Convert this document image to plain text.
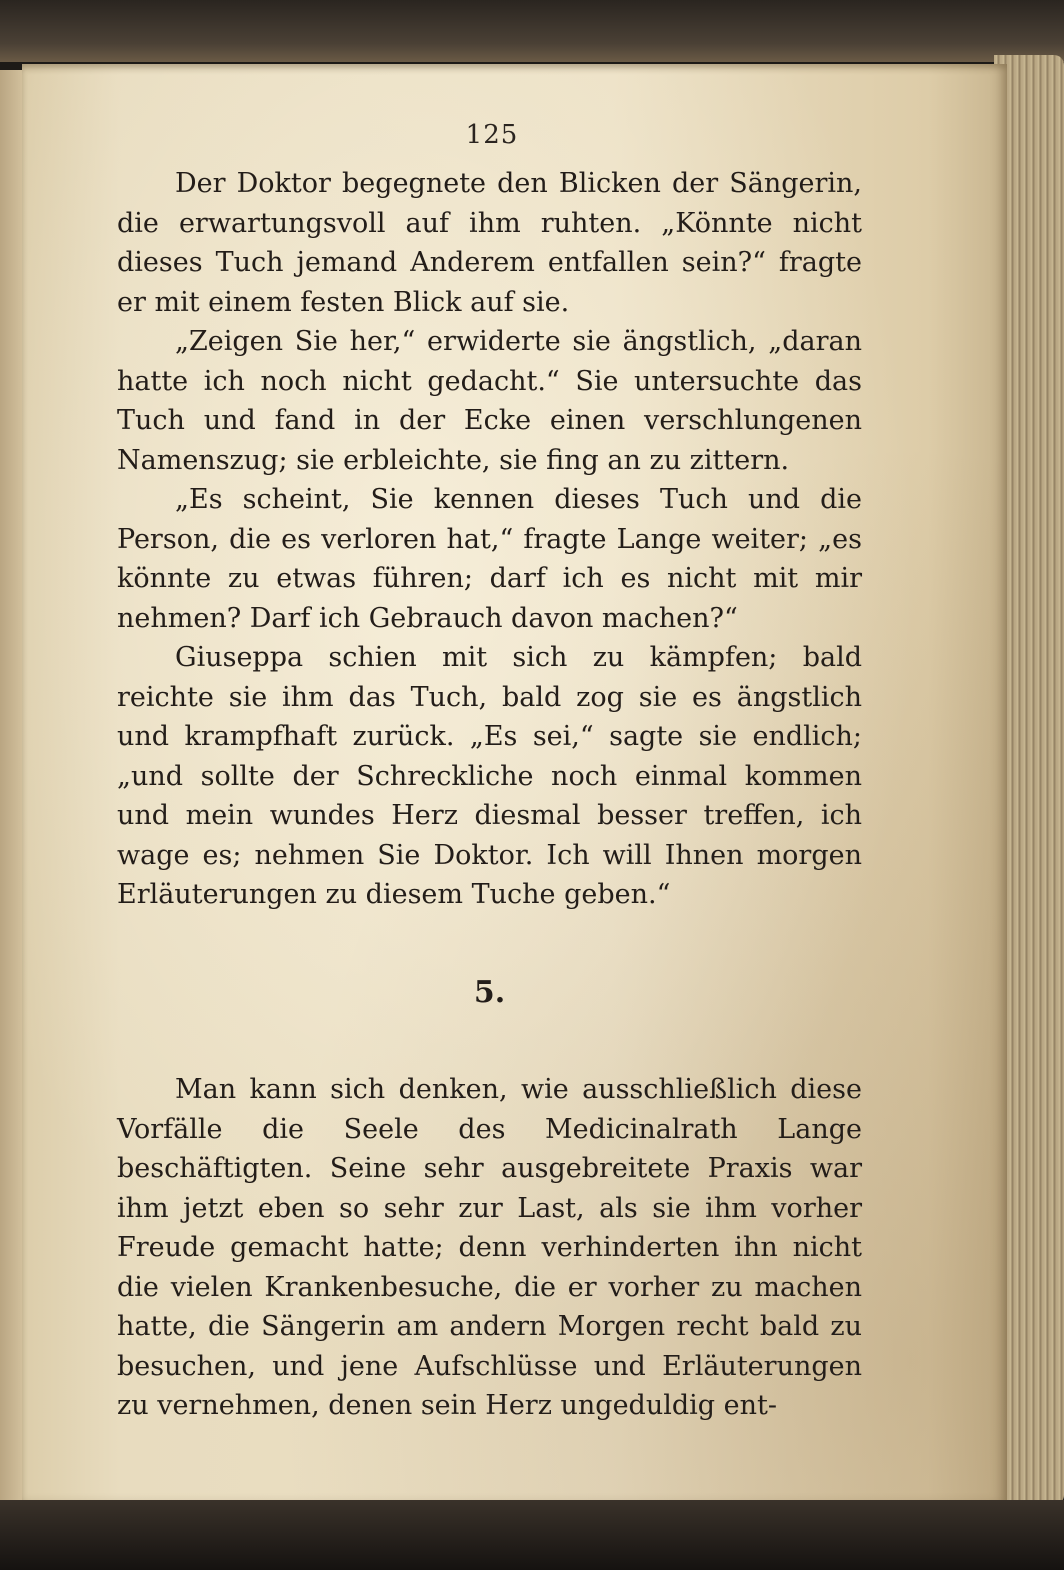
125

Der Doktor begegnete den Blicken der Sängerin, die erwartungsvoll auf ihm ruhten. „Könnte nicht dieses Tuch jemand Anderem entfallen sein?“ fragte er mit einem festen Blick auf sie.

„Zeigen Sie her,“ erwiderte sie ängstlich, „daran hatte ich noch nicht gedacht.“ Sie untersuchte das Tuch und fand in der Ecke einen verschlungenen Namenszug; sie erbleichte, sie fing an zu zittern.

„Es scheint, Sie kennen dieses Tuch und die Person, die es verloren hat,“ fragte Lange weiter; „es könnte zu etwas führen; darf ich es nicht mit mir nehmen? Darf ich Gebrauch davon machen?“

Giuseppa schien mit sich zu kämpfen; bald reichte sie ihm das Tuch, bald zog sie es ängstlich und krampfhaft zurück. „Es sei,“ sagte sie endlich; „und sollte der Schreckliche noch einmal kommen und mein wundes Herz diesmal besser treffen, ich wage es; nehmen Sie Doktor. Ich will Ihnen morgen Erläuterungen zu diesem Tuche geben.“

5.

Man kann sich denken, wie ausschließlich diese Vorfälle die Seele des Medicinalrath Lange beschäftigten. Seine sehr ausgebreitete Praxis war ihm jetzt eben so sehr zur Last, als sie ihm vorher Freude gemacht hatte; denn verhinderten ihn nicht die vielen Krankenbesuche, die er vorher zu machen hatte, die Sängerin am andern Morgen recht bald zu besuchen, und jene Aufschlüsse und Erläuterungen zu vernehmen, denen sein Herz ungeduldig ent-
